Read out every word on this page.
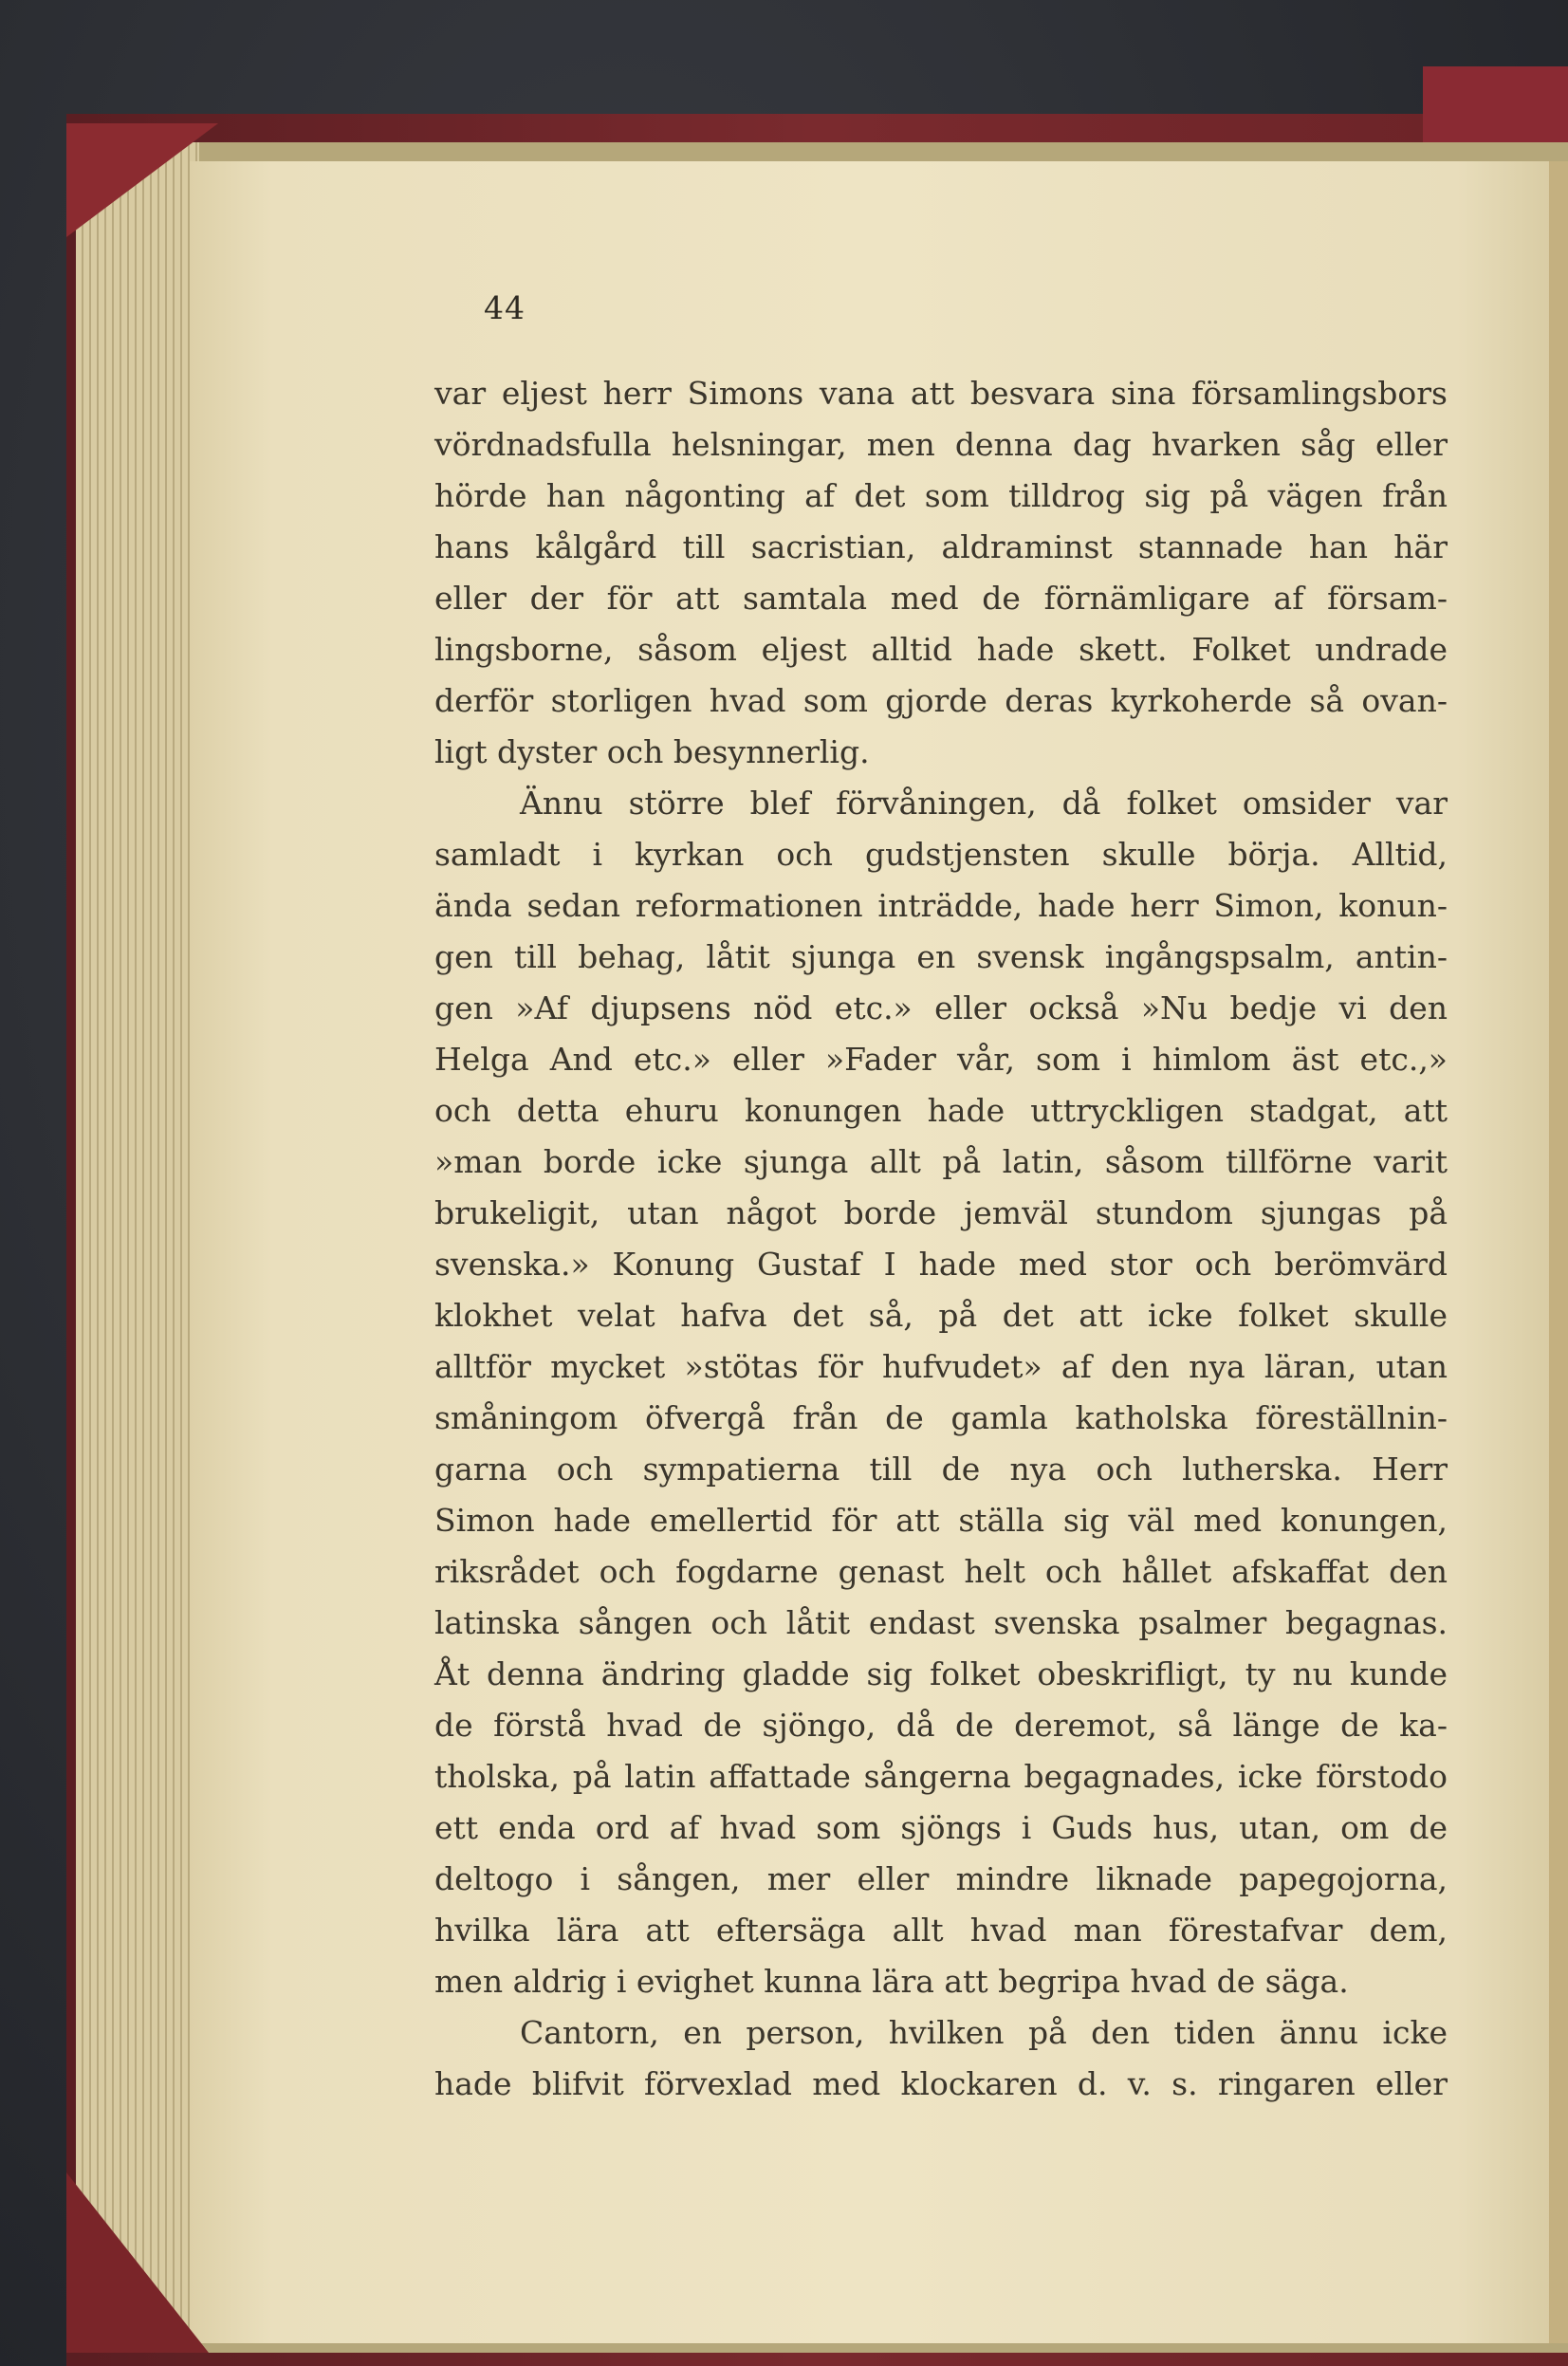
44
var eljest herr Simons vana att besvara sina församlingsbors
vördnadsfulla helsningar, men denna dag hvarken såg eller
hörde han någonting af det som tilldrog sig på vägen från
hans kålgård till sacristian, aldraminst stannade han här
eller der för att samtala med de förnämligare af försam-
lingsborne, såsom eljest alltid hade skett. Folket undrade
derför storligen hvad som gjorde deras kyrkoherde så ovan-
ligt dyster och besynnerlig.
Ännu större blef förvåningen, då folket omsider var
samladt i kyrkan och gudstjensten skulle börja. Alltid,
ända sedan reformationen inträdde, hade herr Simon, konun-
gen till behag, låtit sjunga en svensk ingångspsalm, antin-
gen »Af djupsens nöd etc.» eller också »Nu bedje vi den
Helga And etc.» eller »Fader vår, som i himlom äst etc.,»
och detta ehuru konungen hade uttryckligen stadgat, att
»man borde icke sjunga allt på latin, såsom tillförne varit
brukeligit, utan något borde jemväl stundom sjungas på
svenska.» Konung Gustaf I hade med stor och berömvärd
klokhet velat hafva det så, på det att icke folket skulle
alltför mycket »stötas för hufvudet» af den nya läran, utan
småningom öfvergå från de gamla katholska föreställnin-
garna och sympatierna till de nya och lutherska. Herr
Simon hade emellertid för att ställa sig väl med konungen,
riksrådet och fogdarne genast helt och hållet afskaffat den
latinska sången och låtit endast svenska psalmer begagnas.
Åt denna ändring gladde sig folket obeskrifligt, ty nu kunde
de förstå hvad de sjöngo, då de deremot, så länge de ka-
tholska, på latin affattade sångerna begagnades, icke förstodo
ett enda ord af hvad som sjöngs i Guds hus, utan, om de
deltogo i sången, mer eller mindre liknade papegojorna,
hvilka lära att eftersäga allt hvad man förestafvar dem,
men aldrig i evighet kunna lära att begripa hvad de säga.
Cantorn, en person, hvilken på den tiden ännu icke
hade blifvit förvexlad med klockaren d. v. s. ringaren eller
